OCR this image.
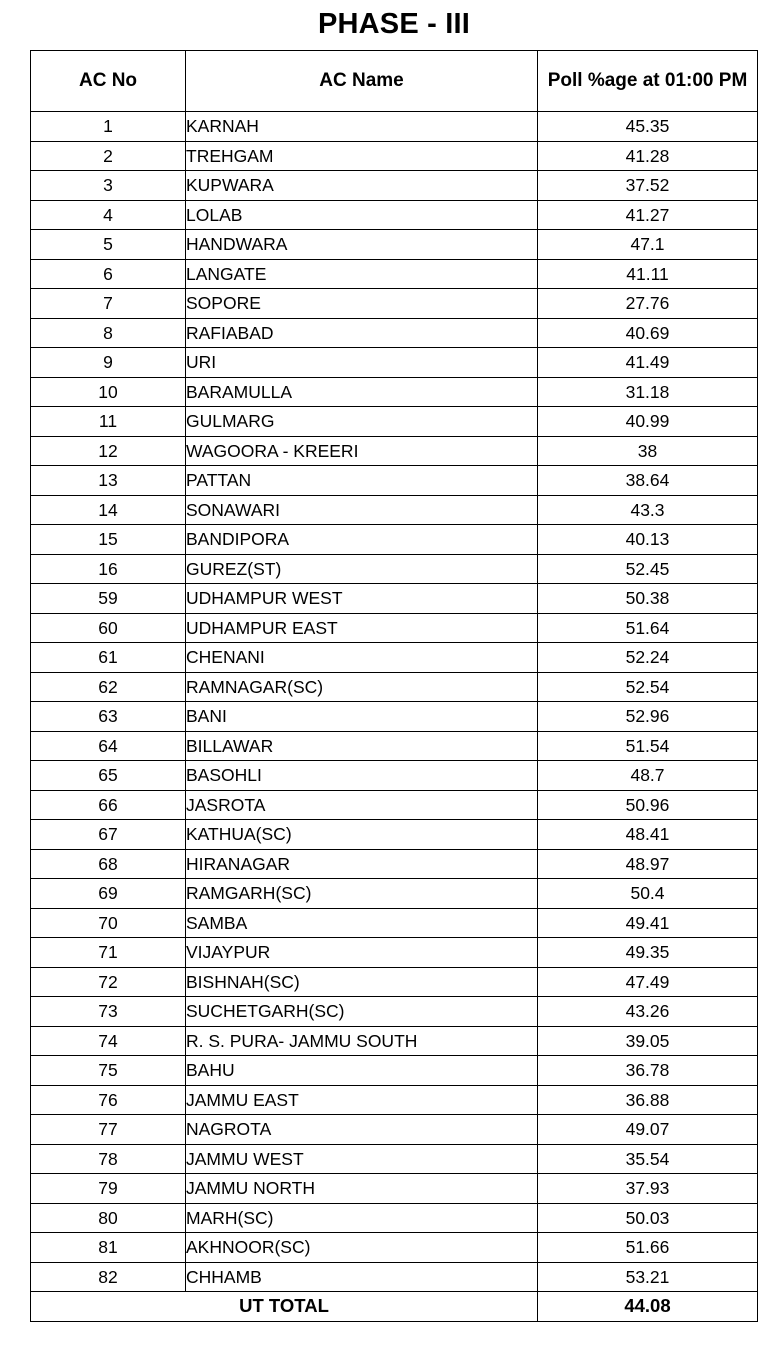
PHASE - III
AC No	AC Name	Poll %age at 01:00 PM
1	KARNAH	45.35
2	TREHGAM	41.28
3	KUPWARA	37.52
4	LOLAB	41.27
5	HANDWARA	47.1
6	LANGATE	41.11
7	SOPORE	27.76
8	RAFIABAD	40.69
9	URI	41.49
10	BARAMULLA	31.18
11	GULMARG	40.99
12	WAGOORA - KREERI	38
13	PATTAN	38.64
14	SONAWARI	43.3
15	BANDIPORA	40.13
16	GUREZ(ST)	52.45
59	UDHAMPUR WEST	50.38
60	UDHAMPUR EAST	51.64
61	CHENANI	52.24
62	RAMNAGAR(SC)	52.54
63	BANI	52.96
64	BILLAWAR	51.54
65	BASOHLI	48.7
66	JASROTA	50.96
67	KATHUA(SC)	48.41
68	HIRANAGAR	48.97
69	RAMGARH(SC)	50.4
70	SAMBA	49.41
71	VIJAYPUR	49.35
72	BISHNAH(SC)	47.49
73	SUCHETGARH(SC)	43.26
74	R. S. PURA- JAMMU SOUTH	39.05
75	BAHU	36.78
76	JAMMU EAST	36.88
77	NAGROTA	49.07
78	JAMMU WEST	35.54
79	JAMMU NORTH	37.93
80	MARH(SC)	50.03
81	AKHNOOR(SC)	51.66
82	CHHAMB	53.21
UT TOTAL		44.08
